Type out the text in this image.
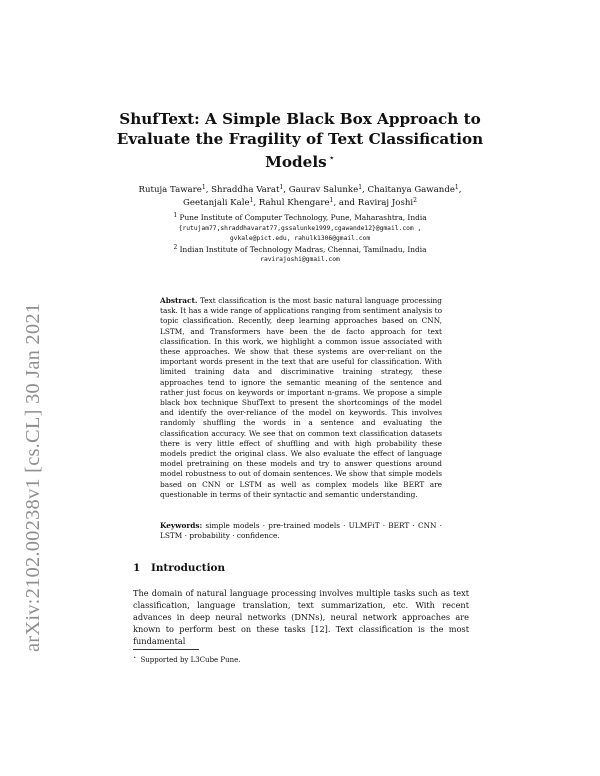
arXiv:2102.00238v1 [cs.CL] 30 Jan 2021
ShufText: A Simple Black Box Approach to Evaluate the Fragility of Text Classification Models ⋆
Rutuja Taware$^1$, Shraddha Varat$^1$, Gaurav Salunke$^1$, Chaitanya Gawande$^1$,
Geetanjali Kale$^1$, Rahul Khengare$^1$, and Raviraj Joshi$^2$
$^1$ Pune Institute of Computer Technology, Pune, Maharashtra, India
{rutujam77,shraddhavarat77,gssalunke1999,cgawande12}@gmail.com ,
gvkale@pict.edu, rahulk1306@gmail.com
$^2$ Indian Institute of Technology Madras, Chennai, Tamilnadu, India
ravirajoshi@gmail.com
Abstract. Text classification is the most basic natural language processing task. It has a wide range of applications ranging from sentiment analysis to topic classification. Recently, deep learning approaches based on CNN, LSTM, and Transformers have been the de facto approach for text classification. In this work, we highlight a common issue associated with these approaches. We show that these systems are over-reliant on the important words present in the text that are useful for classification. With limited training data and discriminative training strategy, these approaches tend to ignore the semantic meaning of the sentence and rather just focus on keywords or important n-grams. We propose a simple black box technique ShufText to present the shortcomings of the model and identify the over-reliance of the model on keywords. This involves randomly shuffling the words in a sentence and evaluating the classification accuracy. We see that on common text classification datasets there is very little effect of shuffling and with high probability these models predict the original class. We also evaluate the effect of language model pretraining on these models and try to answer questions around model robustness to out of domain sentences. We show that simple models based on CNN or LSTM as well as complex models like BERT are questionable in terms of their syntactic and semantic understanding.
Keywords: simple models · pre-trained models · ULMFiT · BERT · CNN · LSTM · probability · confidence.
1 Introduction
The domain of natural language processing involves multiple tasks such as text classification, language translation, text summarization, etc. With recent advances in deep neural networks (DNNs), neural network approaches are known to perform best on these tasks [12]. Text classification is the most fundamental
⋆ Supported by L3Cube Pune.
